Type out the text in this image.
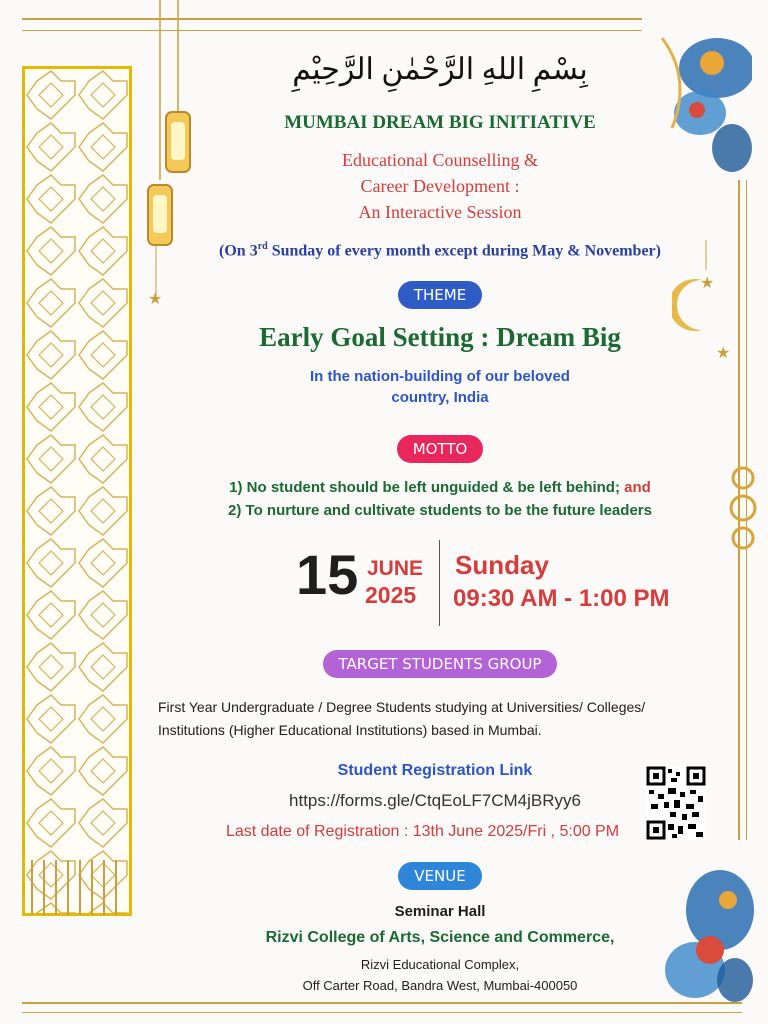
★
★
★
بِسْمِ اللهِ الرَّحْمٰنِ الرَّحِيْمِ
MUMBAI DREAM BIG INITIATIVE
Educational Counselling &
Career Development :
An Interactive Session
(On 3rd Sunday of every month except during May & November)
THEME
Early Goal Setting : Dream Big
In the nation-building of our beloved
country, India
MOTTO
1) No student should be left unguided & be left behind; and
2) To nurture and cultivate students to be the future leaders
15 JUNE
2025
Sunday
09:30 AM - 1:00 PM
TARGET STUDENTS GROUP
First Year Undergraduate / Degree Students studying at Universities/ Colleges/
Institutions (Higher Educational Institutions) based in Mumbai.
Student Registration Link
https://forms.gle/CtqEoLF7CM4jBRyy6
Last date of Registration : 13th June 2025/Fri , 5:00 PM
VENUE
Seminar Hall
Rizvi College of Arts, Science and Commerce,
Rizvi Educational Complex,
Off Carter Road, Bandra West, Mumbai-400050
